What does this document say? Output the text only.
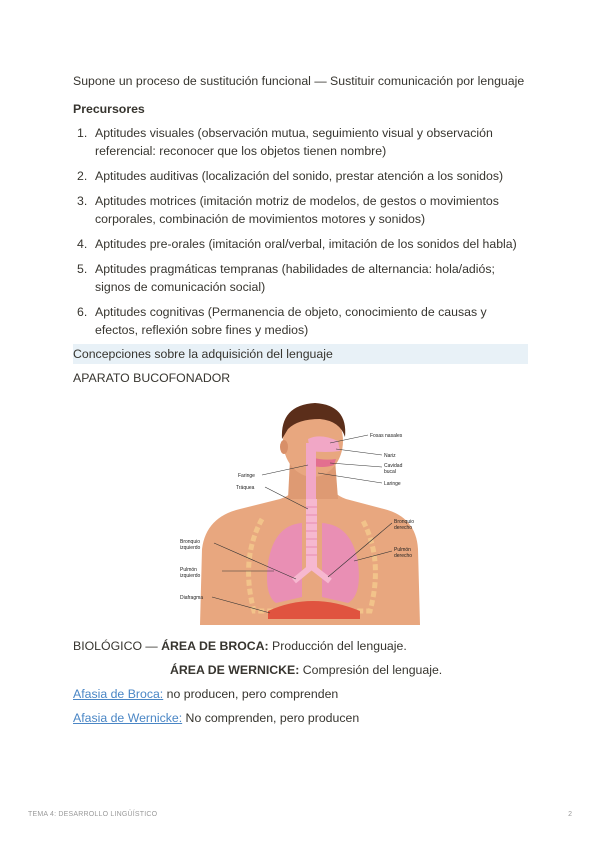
Supone un proceso de sustitución funcional — Sustituir comunicación por lenguaje

Precursores
1. Aptitudes visuales (observación mutua, seguimiento visual y observación referencial: reconocer que los objetos tienen nombre)
2. Aptitudes auditivas (localización del sonido, prestar atención a los sonidos)
3. Aptitudes motrices (imitación motriz de modelos, de gestos o movimientos corporales, combinación de movimientos motores y sonidos)
4. Aptitudes pre-orales (imitación oral/verbal, imitación de los sonidos del habla)
5. Aptitudes pragmáticas tempranas (habilidades de alternancia: hola/adiós; signos de comunicación social)
6. Aptitudes cognitivas (Permanencia de objeto, conocimiento de causas y efectos, reflexión sobre fines y medios)
Concepciones sobre la adquisición del lenguaje
APARATO BUCOFONADOR
Fosas nasales
Nariz
Cavidad
bucal
Laringe
Faringe
Tráquea
Bronquio
derecho
Pulmón
derecho
Bronquio
izquierdo
Pulmón
izquierdo
Diafragma
BIOLÓGICO — ÁREA DE BROCA: Producción del lenguaje.
ÁREA DE WERNICKE: Compresión del lenguaje.
Afasia de Broca: no producen, pero comprenden
Afasia de Wernicke: No comprenden, pero producen
TEMA 4: DESARROLLO LINGÜÍSTICO	2
